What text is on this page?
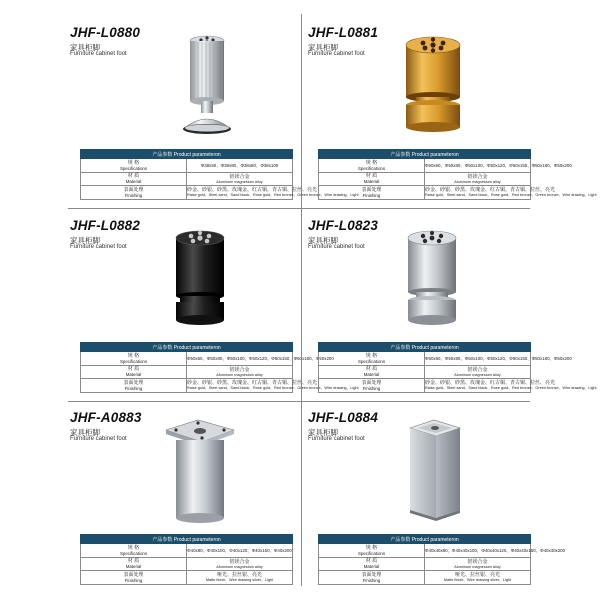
JHF-L0880
家具柜脚
Furniture cabinet foot
产品参数 Product parameteron	

规 格
Specifications	Φ38x50、Φ38x80、Φ38x80、Φ38x100

材 质
Material	铝镁合金
Aluminum magnesium alloy

表面处理
Finishing	砂金、砂银、砂黑、玫瑰金、红古铜、青古铜、拉丝、亮光
Raise gold、Steel sand、Sand black、Rose gold、Red bronze、Green bronze、Wire drawing、Light
JHF-L0881
家具柜脚
Furniture cabinet foot
产品参数 Product parameteron	

规 格
Specifications	Φ50x60、Φ50x80、Φ50x100、Φ50x120、Φ50x150、Φ50x180、Φ50x200

材 质
Material	铝镁合金
Aluminum magnesium alloy

表面处理
Finishing	砂金、砂银、砂黑、玫瑰金、红古铜、青古铜、拉丝、亮光
Raise gold、Steel sand、Sand black、Rose gold、Red bronze、Green bronze、Wire drawing、Light
JHF-L0882
家具柜脚
Furniture cabinet foot
产品参数 Product parameteron	

规 格
Specifications	Φ50x60、Φ50x80、Φ50x100、Φ50x120、Φ50x150、Φ50x180、Φ50x200

材 质
Material	铝镁合金
Aluminum magnesium alloy

表面处理
Finishing	砂金、砂银、砂黑、玫瑰金、红古铜、青古铜、拉丝、亮光
Raise gold、Steel sand、Sand black、Rose gold、Red bronze、Green bronze、Wire drawing、Light
JHF-L0823
家具柜脚
Furniture cabinet foot
产品参数 Product parameteron	

规 格
Specifications	Φ50x60、Φ50x80、Φ50x100、Φ50x120、Φ50x150、Φ50x180、Φ50x200

材 质
Material	铝镁合金
Aluminum magnesium alloy

表面处理
Finishing	砂金、砂银、砂黑、玫瑰金、红古铜、青古铜、拉丝、亮光
Raise gold、Steel sand、Sand black、Rose gold、Red bronze、Green bronze、Wire drawing、Light
JHF-A0883
家具柜脚
Furniture cabinet foot
产品参数 Product parameteron	

规 格
Specifications	Φ40x80、Φ40x100、Φ40x120、Φ40x150、Φ40x200

材 质
Material	铝镁合金
Aluminum magnesium alloy

表面处理
Finishing	哑光、拉丝银、亮光
Matte finish、Wire drawing silver、Light
JHF-L0884
家具柜脚
Furniture cabinet foot
产品参数 Product parameteron	

规 格
Specifications	Φ40x40x80、Φ40x40x100、Φ40x40x120、Φ40x40x150、Φ40x40x200

材 质
Material	铝镁合金
Aluminum magnesium alloy

表面处理
Finishing	哑光、拉丝银、亮光
Matte finish、Wire drawing silver、Light
